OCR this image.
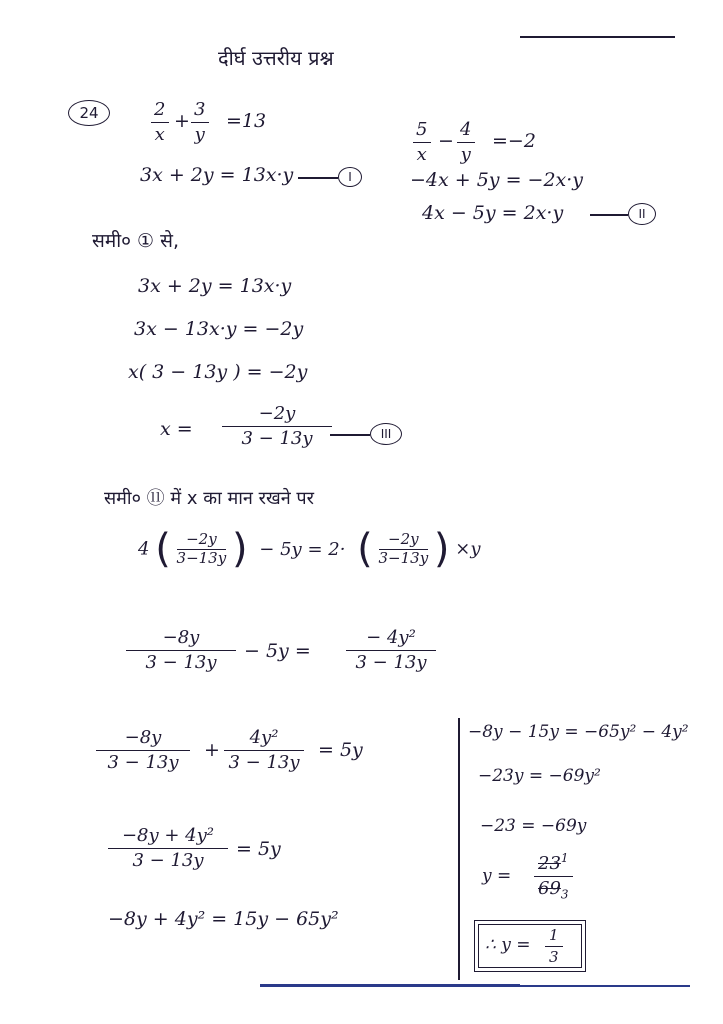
दीर्घ उत्तरीय प्रश्न
24	$\frac{2}{x} + \frac{3}{y} =13$	$\frac{5}{x} - \frac{4}{y} =-2$
3x + 2y = 13x·y	I	−4x + 5y = −2x·y
4x − 5y = 2x·y	II
समी० ① से,
3x + 2y = 13x·y
3x − 13x·y = −2y
x( 3 − 13y ) = −2y
$x = \frac{-2y}{3 - 13y}$	III
समी० ⑪ में x का मान रखने पर
4 ( $\frac{-2y}{3-13y}$ ) − 5y = 2· ( $\frac{-2y}{3-13y}$ ) ×y
$\frac{-8y}{3 - 13y} - 5y = \frac{\text{− 4y²}}{3 - 13y}$
$\frac{-8y}{3 - 13y} + \frac{\text{4y²}}{3 - 13y} = 5y$
$\frac{\text{−8y + 4y²}}{3 - 13y} = 5y$
−8y + 4y² = 15y − 65y²
−8y − 15y = −65y² − 4y²
−23y = −69y²
−23 = −69y
$y = \frac{23^1}{69_3}$
∴ $y = \frac{1}{3}$
